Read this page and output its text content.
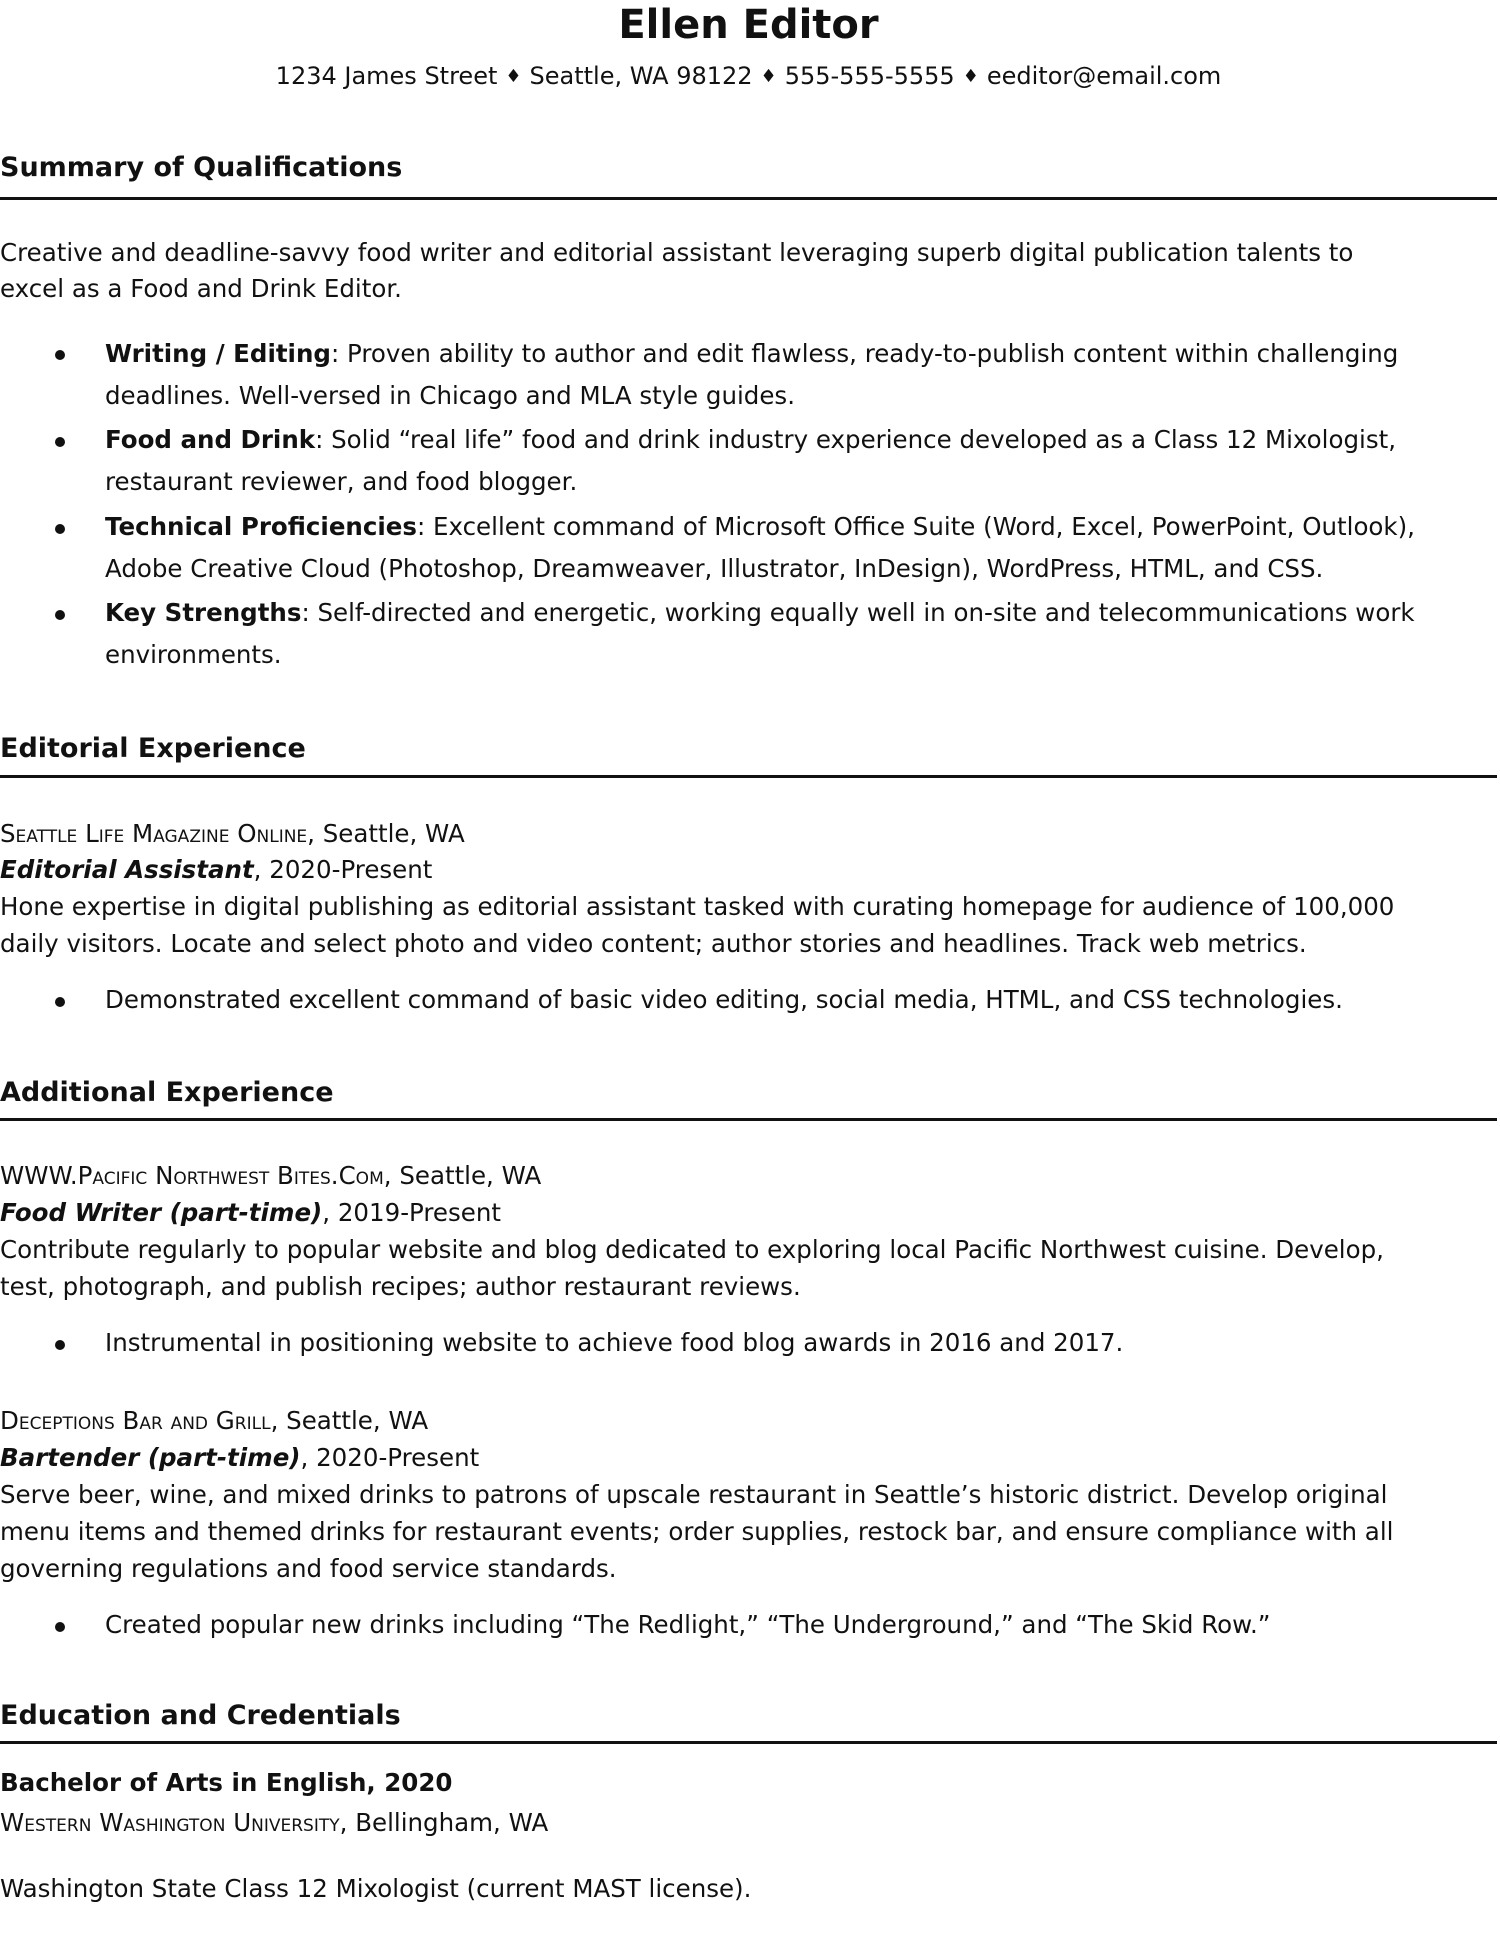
Ellen Editor
1234 James Street ♦ Seattle, WA 98122 ♦ 555-555-5555 ♦ eeditor@email.com
Summary of Qualifications
Creative and deadline-savvy food writer and editorial assistant leveraging superb digital publication talents to
excel as a Food and Drink Editor.
Writing / Editing: Proven ability to author and edit flawless, ready-to-publish content within challenging
deadlines. Well-versed in Chicago and MLA style guides.
Food and Drink: Solid “real life” food and drink industry experience developed as a Class 12 Mixologist,
restaurant reviewer, and food blogger.
Technical Proficiencies: Excellent command of Microsoft Office Suite (Word, Excel, PowerPoint, Outlook),
Adobe Creative Cloud (Photoshop, Dreamweaver, Illustrator, InDesign), WordPress, HTML, and CSS.
Key Strengths: Self-directed and energetic, working equally well in on-site and telecommunications work
environments.
Editorial Experience
Seattle Life Magazine Online, Seattle, WA
Editorial Assistant, 2020-Present
Hone expertise in digital publishing as editorial assistant tasked with curating homepage for audience of 100,000
daily visitors. Locate and select photo and video content; author stories and headlines. Track web metrics.
Demonstrated excellent command of basic video editing, social media, HTML, and CSS technologies.
Additional Experience
WWW.Pacific Northwest Bites.Com, Seattle, WA
Food Writer (part-time), 2019-Present
Contribute regularly to popular website and blog dedicated to exploring local Pacific Northwest cuisine. Develop,
test, photograph, and publish recipes; author restaurant reviews.
Instrumental in positioning website to achieve food blog awards in 2016 and 2017.
Deceptions Bar and Grill, Seattle, WA
Bartender (part-time), 2020-Present
Serve beer, wine, and mixed drinks to patrons of upscale restaurant in Seattle’s historic district. Develop original
menu items and themed drinks for restaurant events; order supplies, restock bar, and ensure compliance with all
governing regulations and food service standards.
Created popular new drinks including “The Redlight,” “The Underground,” and “The Skid Row.”
Education and Credentials
Bachelor of Arts in English, 2020
Western Washington University, Bellingham, WA
Washington State Class 12 Mixologist (current MAST license).
